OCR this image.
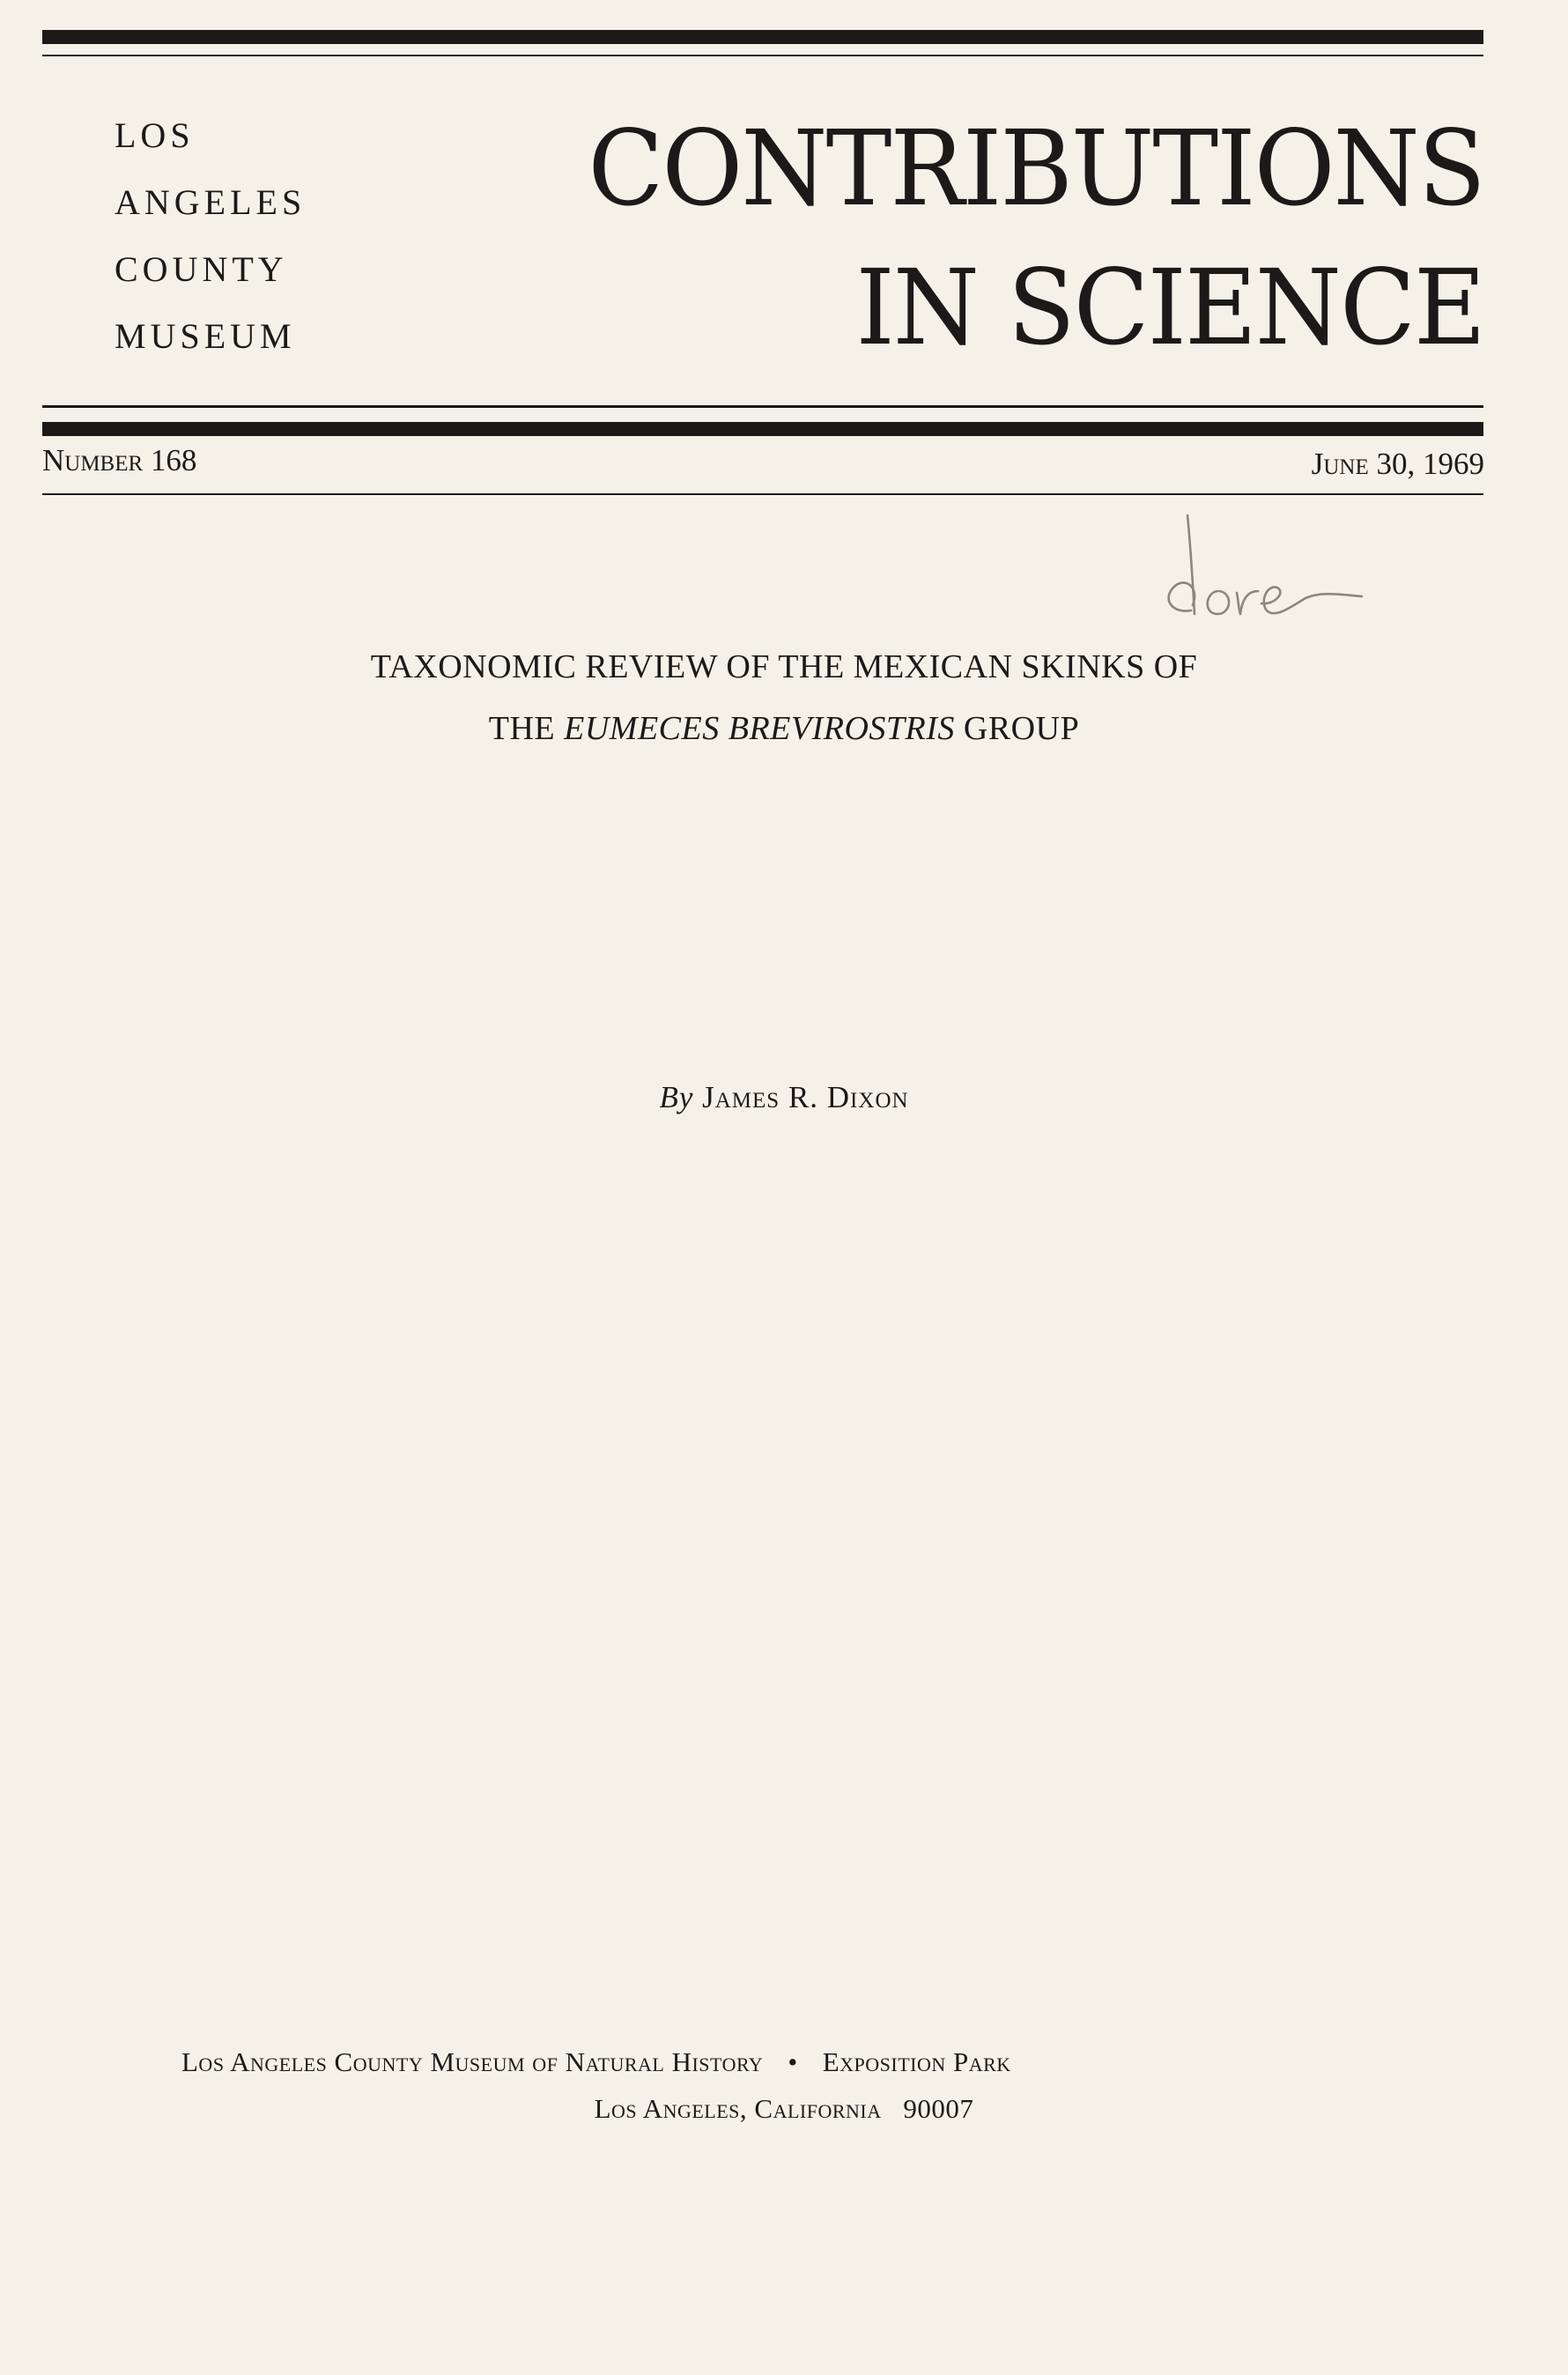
LOS
ANGELES
COUNTY
MUSEUM
CONTRIBUTIONS
IN SCIENCE
Number 168	June 30, 1969
TAXONOMIC REVIEW OF THE MEXICAN SKINKS OF
THE EUMECES BREVIROSTRIS GROUP
By James R. Dixon
Los Angeles County Museum of Natural History • Exposition Park
Los Angeles, California   90007
